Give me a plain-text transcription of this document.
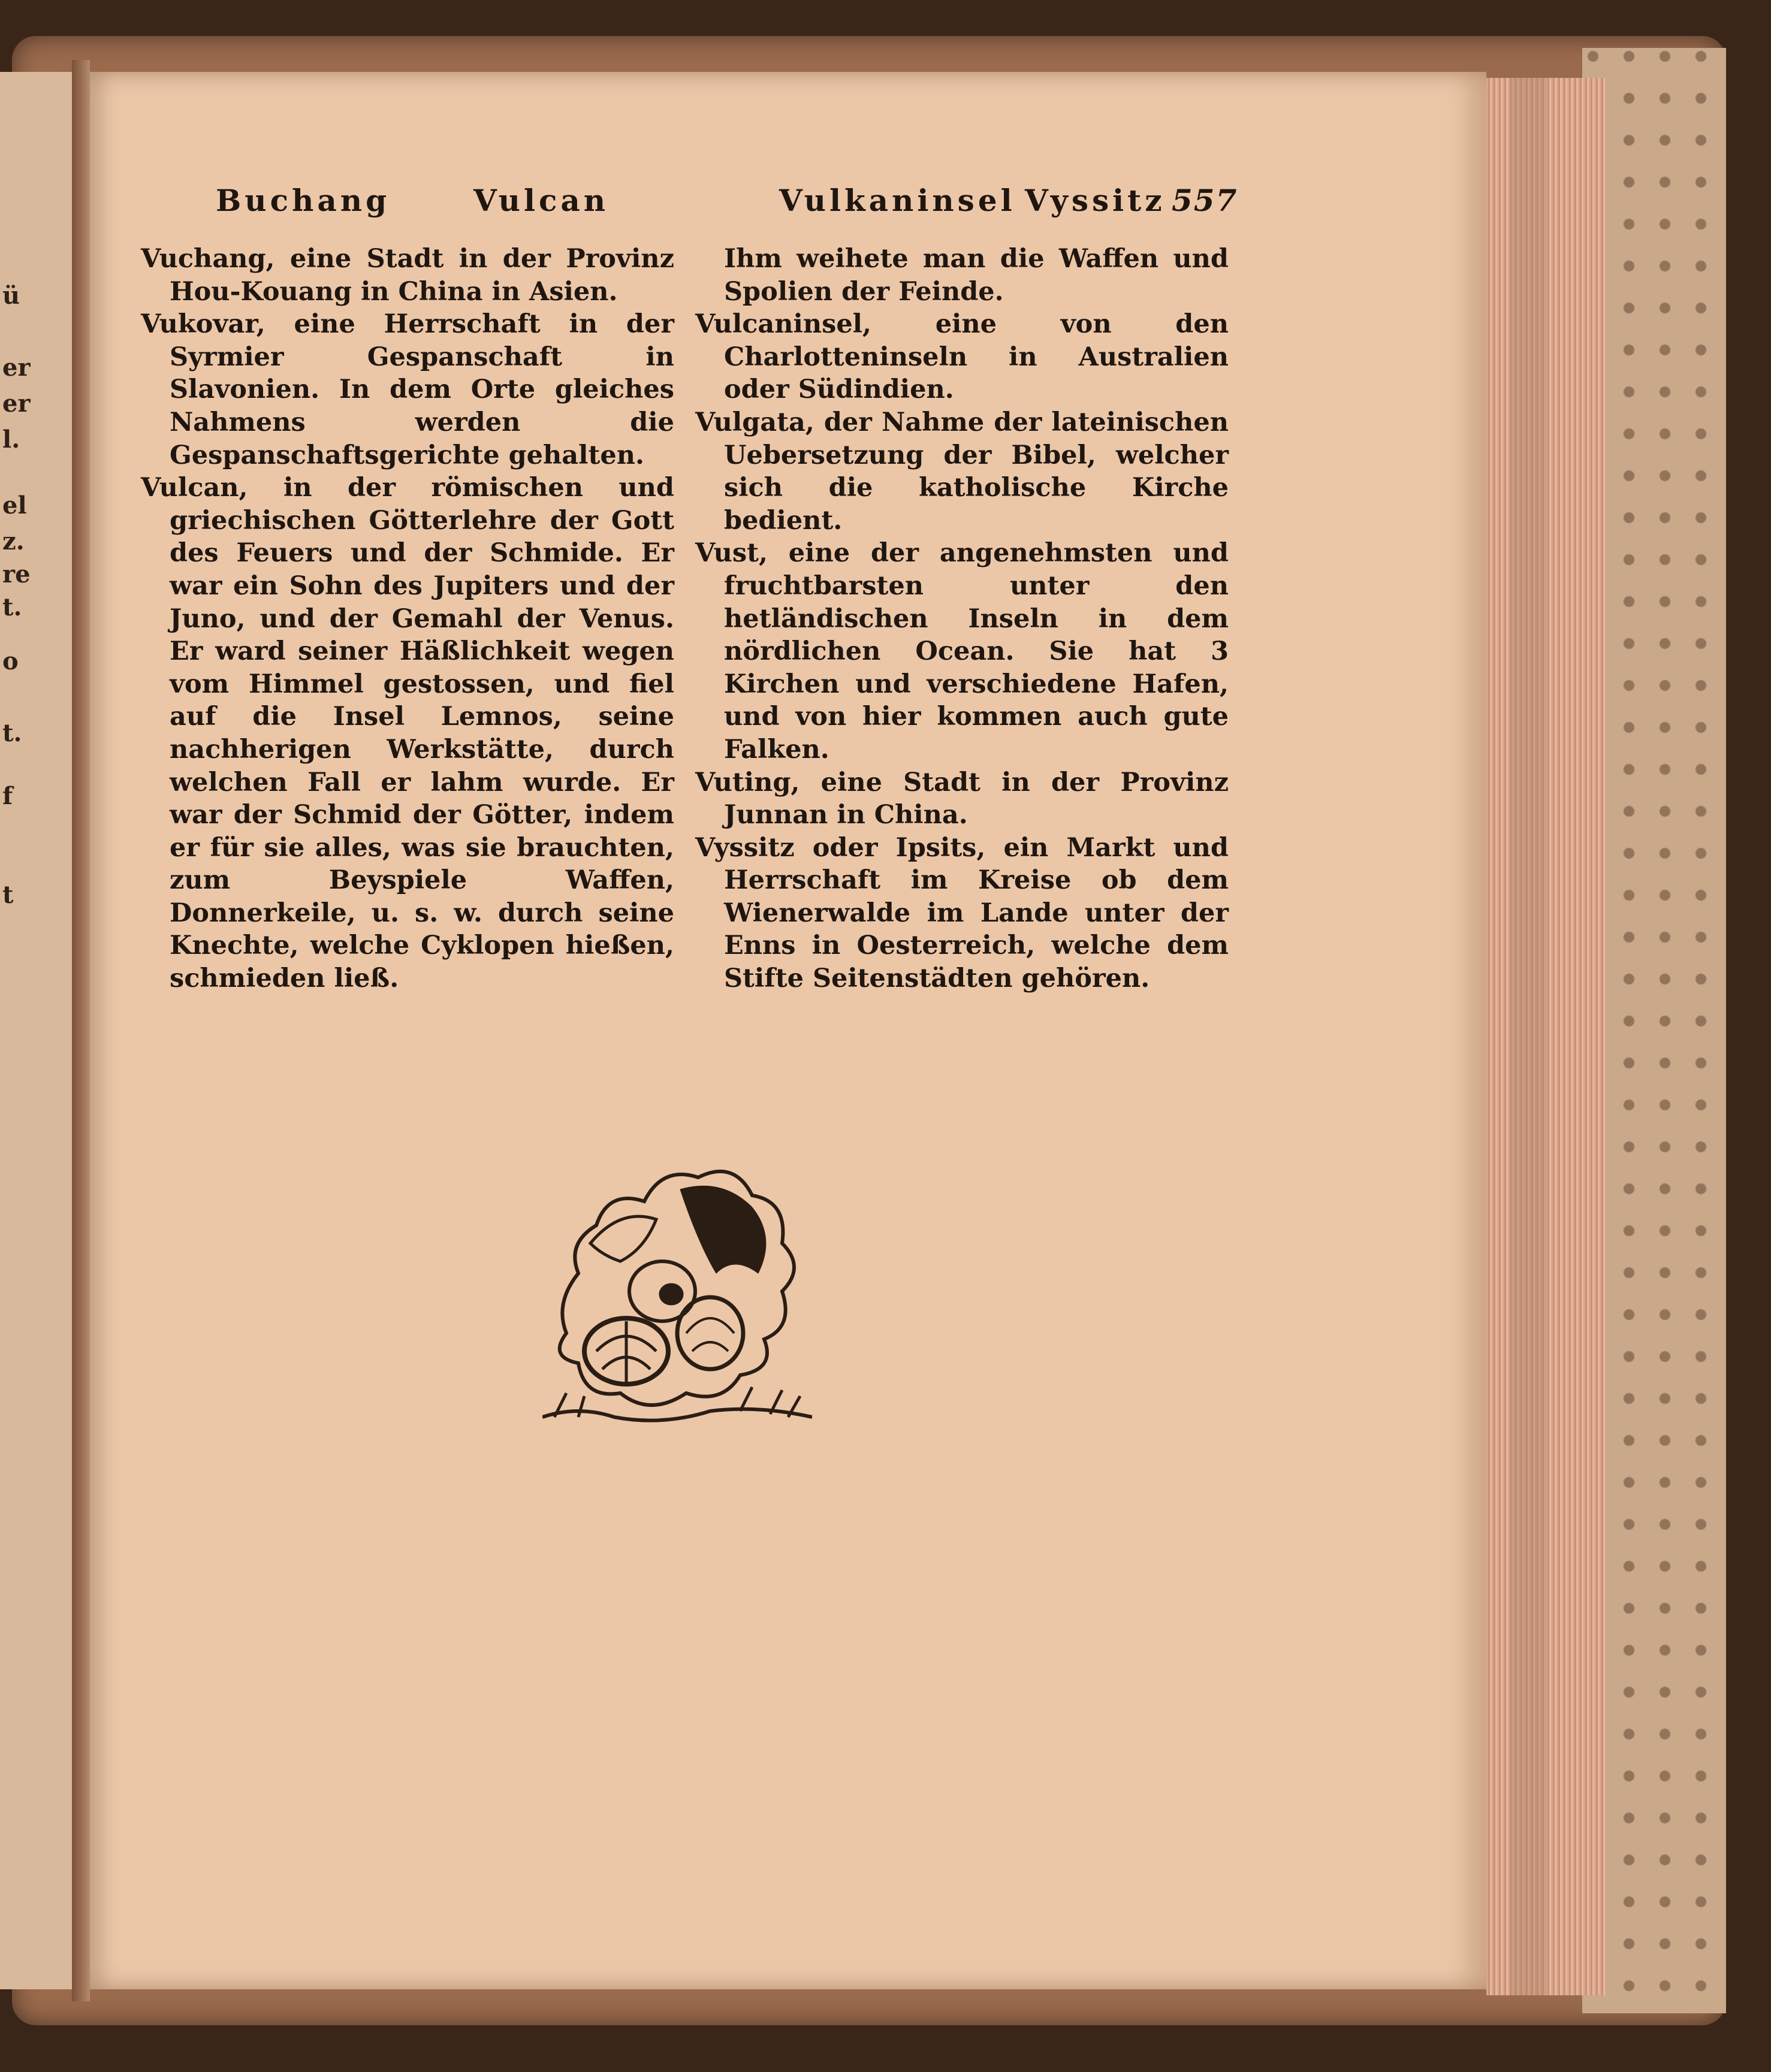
ü
er
er
l.
el
z.
re
t.
o
t.
f
t
Buchang	Vulcan	Vulkaninsel Vyssitz 557

Vuchang, eine Stadt in der Provinz Hou-Kouang in China in Asien.

Vukovar, eine Herrschaft in der Syrmier Gespanschaft in Slavonien. In dem Orte gleiches Nahmens werden die Gespanschaftsgerichte gehalten.

Vulcan, in der römischen und griechischen Götterlehre der Gott des Feuers und der Schmide. Er war ein Sohn des Jupiters und der Juno, und der Gemahl der Venus. Er ward seiner Häßlichkeit wegen vom Himmel gestossen, und fiel auf die Insel Lemnos, seine nachherigen Werkstätte, durch welchen Fall er lahm wurde. Er war der Schmid der Götter, indem er für sie alles, was sie brauchten, zum Beyspiele Waffen, Donnerkeile, u. s. w. durch seine Knechte, welche Cyklopen hießen, schmieden ließ.

Ihm weihete man die Waffen und Spolien der Feinde.

Vulcaninsel, eine von den Charlotteninseln in Australien oder Südindien.

Vulgata, der Nahme der lateinischen Uebersetzung der Bibel, welcher sich die katholische Kirche bedient.

Vust, eine der angenehmsten und fruchtbarsten unter den hetländischen Inseln in dem nördlichen Ocean. Sie hat 3 Kirchen und verschiedene Hafen, und von hier kommen auch gute Falken.

Vuting, eine Stadt in der Provinz Junnan in China.

Vyssitz oder Ipsits, ein Markt und Herrschaft im Kreise ob dem Wienerwalde im Lande unter der Enns in Oesterreich, welche dem Stifte Seitenstädten gehören.
